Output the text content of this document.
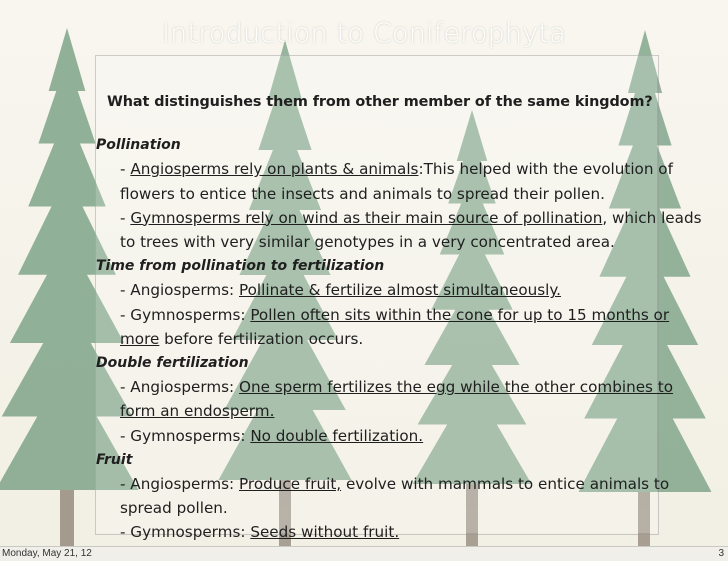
Introduction to Coniferophyta
What distinguishes them from other member of the same kingdom?
Pollination
- Angiosperms rely on plants & animals:This helped with the evolution of flowers to entice the insects and animals to spread their pollen.
- Gymnosperms rely on wind as their main source of pollination, which leads to trees with very similar genotypes in a very concentrated area.
Time from pollination to fertilization
- Angiosperms: Pollinate & fertilize almost simultaneously.
- Gymnosperms: Pollen often sits within the cone for up to 15 months or more before fertilization occurs.
Double fertilization
- Angiosperms: One sperm fertilizes the egg while the other combines to form an endosperm.
- Gymnosperms: No double fertilization.
Fruit
- Angiosperms: Produce fruit, evolve with mammals to entice animals to spread pollen.
- Gymnosperms: Seeds without fruit.
Monday, May 21, 12	3
